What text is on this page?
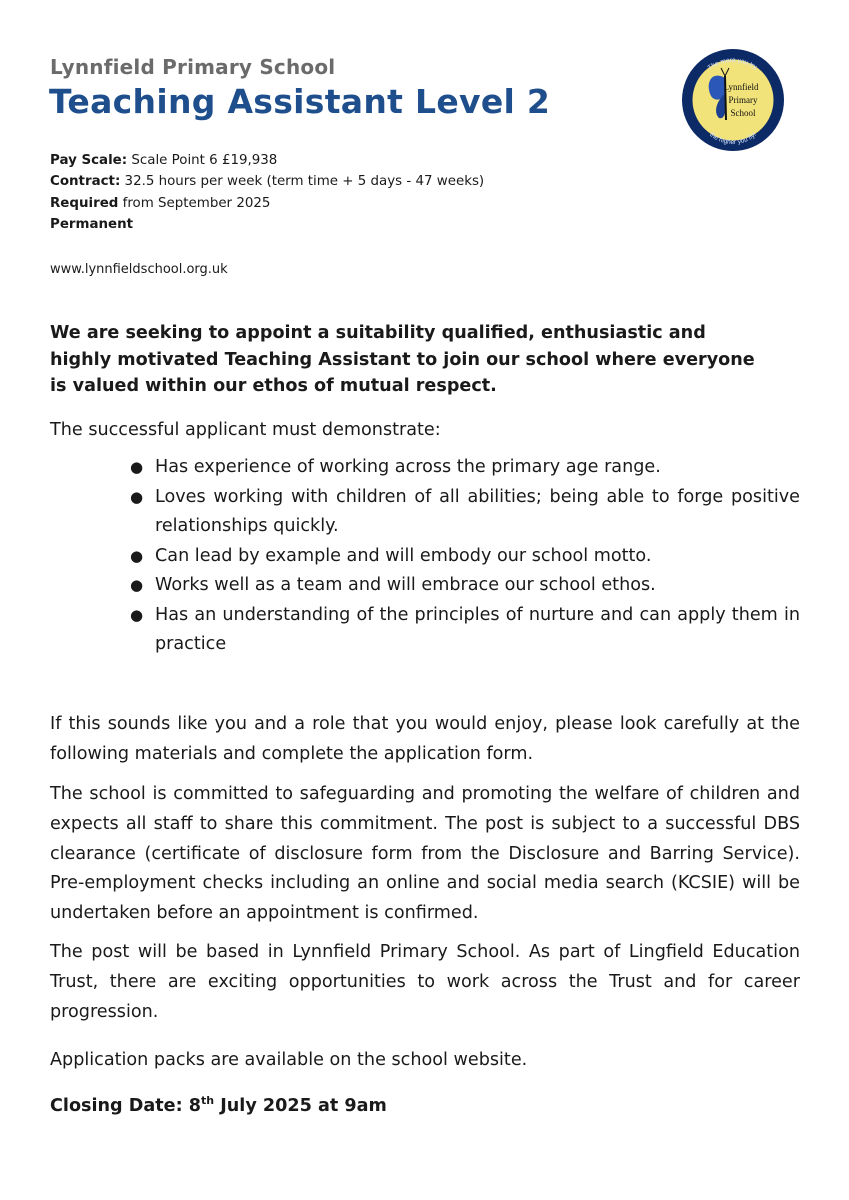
Lynnfield Primary School
Teaching Assistant Level 2	Lynnfield
Primary
School
The more you try,
the higher you fly!
Pay Scale: Scale Point 6 £19,938
Contract: 32.5 hours per week (term time + 5 days - 47 weeks)
Required from September 2025
Permanent
www.lynnfieldschool.org.uk

We are seeking to appoint a suitability qualified, enthusiastic and highly motivated Teaching Assistant to join our school where everyone is valued within our ethos of mutual respect.

The successful applicant must demonstrate:

● Has experience of working across the primary age range.
● Loves working with children of all abilities; being able to forge positive relationships quickly.
● Can lead by example and will embody our school motto.
● Works well as a team and will embrace our school ethos.
● Has an understanding of the principles of nurture and can apply them in practice

If this sounds like you and a role that you would enjoy, please look carefully at the following materials and complete the application form.

The school is committed to safeguarding and promoting the welfare of children and expects all staff to share this commitment. The post is subject to a successful DBS clearance (certificate of disclosure form from the Disclosure and Barring Service). Pre-employment checks including an online and social media search (KCSIE) will be undertaken before an appointment is confirmed.

The post will be based in Lynnfield Primary School. As part of Lingfield Education Trust, there are exciting opportunities to work across the Trust and for career progression.

Application packs are available on the school website.

Closing Date: 8th July 2025 at 9am
